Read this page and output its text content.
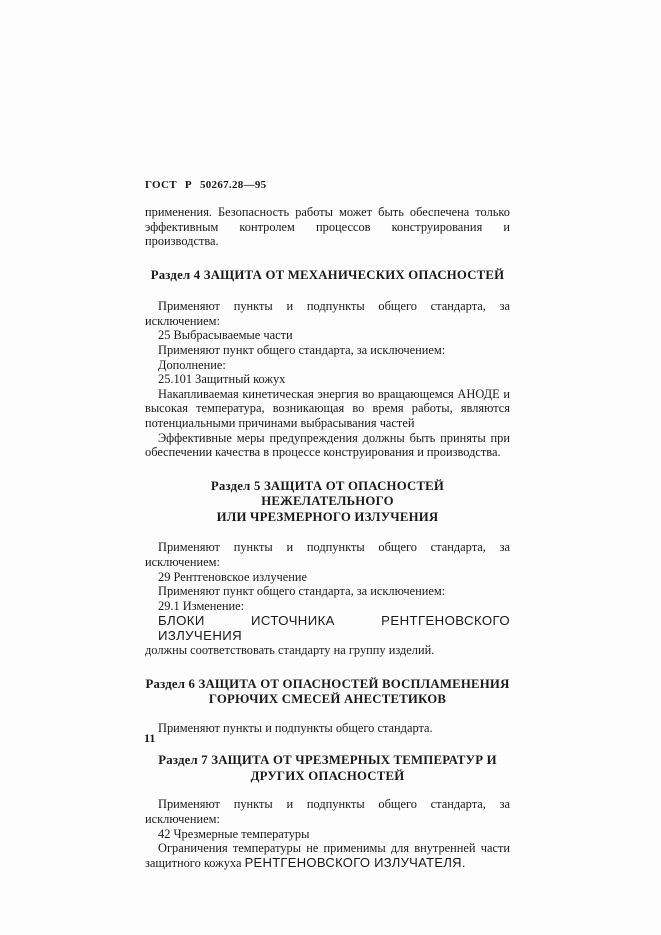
ГОСТ Р 50267.28—95

применения. Безопасность работы может быть обеспечена только эффективным контролем процессов конструирования и производства.

Раздел 4 ЗАЩИТА ОТ МЕХАНИЧЕСКИХ ОПАСНОСТЕЙ

Применяют пункты и подпункты общего стандарта, за исключением:

25 Выбрасываемые части

Применяют пункт общего стандарта, за исключением:

Дополнение:

25.101 Защитный кожух

Накапливаемая кинетическая энергия во вращающемся АНОДЕ и высокая температура, возникающая во время работы, являются потенциальными причинами выбрасывания частей

Эффективные меры предупреждения должны быть приняты при обеспечении качества в процессе конструирования и производства.

Раздел 5 ЗАЩИТА ОТ ОПАСНОСТЕЙ НЕЖЕЛАТЕЛЬНОГО
ИЛИ ЧРЕЗМЕРНОГО ИЗЛУЧЕНИЯ

Применяют пункты и подпункты общего стандарта, за исключением:

29 Рентгеновское излучение

Применяют пункт общего стандарта, за исключением:

29.1 Изменение:

БЛОКИ ИСТОЧНИКА РЕНТГЕНОВСКОГО ИЗЛУЧЕНИЯ

должны соответствовать стандарту на группу изделий.

Раздел 6 ЗАЩИТА ОТ ОПАСНОСТЕЙ ВОСПЛАМЕНЕНИЯ
ГОРЮЧИХ СМЕСЕЙ АНЕСТЕТИКОВ

Применяют пункты и подпункты общего стандарта.

Раздел 7 ЗАЩИТА ОТ ЧРЕЗМЕРНЫХ ТЕМПЕРАТУР И
ДРУГИХ ОПАСНОСТЕЙ

Применяют пункты и подпункты общего стандарта, за исключением:

42 Чрезмерные температуры

Ограничения температуры не применимы для внутренней части защитного кожуха РЕНТГЕНОВСКОГО ИЗЛУЧАТЕЛЯ.

11
